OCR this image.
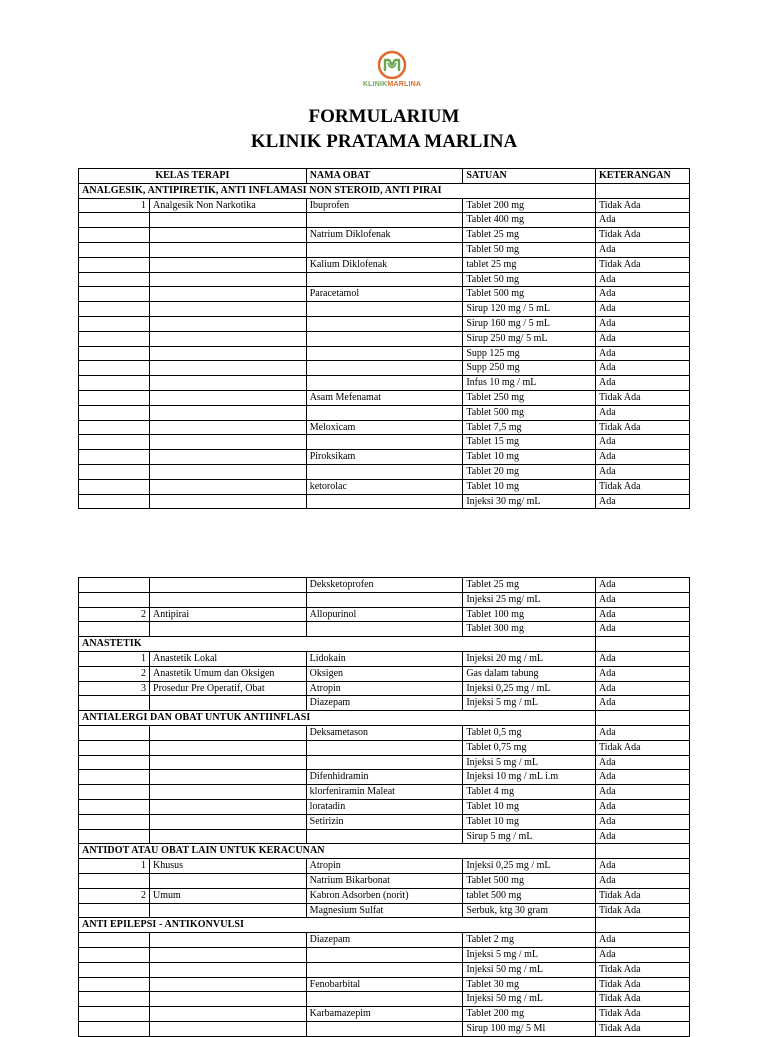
KLINIKMARLINA
FORMULARIUM
KLINIK PRATAMA MARLINA
KELAS TERAPI		NAMA OBAT	SATUAN	KETERANGAN
ANALGESIK, ANTIPIRETIK, ANTI INFLAMASI NON STEROID, ANTI PIRAI				
1	Analgesik Non Narkotika	Ibuprofen	Tablet 200 mg	Tidak Ada
			Tablet 400 mg	Ada
		Natrium Diklofenak	Tablet 25 mg	Tidak Ada
			Tablet 50 mg	Ada
		Kalium Diklofenak	tablet 25 mg	Tidak Ada
			Tablet 50 mg	Ada
		Paracetamol	Tablet 500 mg	Ada
			Sirup 120 mg / 5 mL	Ada
			Sirup 160 mg / 5 mL	Ada
			Sirup 250 mg/ 5 mL	Ada
			Supp 125 mg	Ada
			Supp 250 mg	Ada
			Infus 10 mg / mL	Ada
		Asam Mefenamat	Tablet 250 mg	Tidak Ada
			Tablet 500 mg	Ada
		Meloxicam	Tablet 7,5 mg	Tidak Ada
			Tablet 15 mg	Ada
		Piroksikam	Tablet 10 mg	Ada
			Tablet 20 mg	Ada
		ketorolac	Tablet 10 mg	Tidak Ada
			Injeksi 30 mg/ mL	Ada
		Deksketoprofen	Tablet 25 mg	Ada
			Injeksi 25 mg/ mL	Ada
2	Antipirai	Allopurinol	Tablet 100 mg	Ada
			Tablet 300 mg	Ada
ANASTETIK				
1	Anastetik Lokal	Lidokain	Injeksi 20 mg / mL	Ada
2	Anastetik Umum dan Oksigen	Oksigen	Gas dalam tabung	Ada
3	Prosedur Pre Operatif, Obat	Atropin	Injeksi 0,25 mg / mL	Ada
		Diazepam	Injeksi 5 mg / mL	Ada
ANTIALERGI DAN OBAT UNTUK ANTIINFLASI				
		Deksametason	Tablet 0,5 mg	Ada
			Tablet 0,75 mg	Tidak Ada
			Injeksi 5 mg / mL	Ada
		Difenhidramin	Injeksi 10 mg / mL i.m	Ada
		klorfeniramin Maleat	Tablet 4 mg	Ada
		loratadin	Tablet 10 mg	Ada
		Setirizin	Tablet 10 mg	Ada
			Sirup 5 mg / mL	Ada
ANTIDOT ATAU OBAT LAIN UNTUK KERACUNAN				
1	Khusus	Atropin	Injeksi 0,25 mg / mL	Ada
		Natrium Bikarbonat	Tablet 500 mg	Ada
2	Umum	Kabron Adsorben (norit)	tablet 500 mg	Tidak Ada
		Magnesium Sulfat	Serbuk, ktg 30 gram	Tidak Ada
ANTI EPILEPSI - ANTIKONVULSI				
		Diazepam	Tablet 2 mg	Ada
			Injeksi 5 mg / mL	Ada
			Injeksi 50 mg / mL	Tidak Ada
		Fenobarbital	Tablet 30 mg	Tidak Ada
			Injeksi 50 mg / mL	Tidak Ada
		Karbamazepim	Tablet 200 mg	Tidak Ada
			Sirup 100 mg/ 5 Ml	Tidak Ada
